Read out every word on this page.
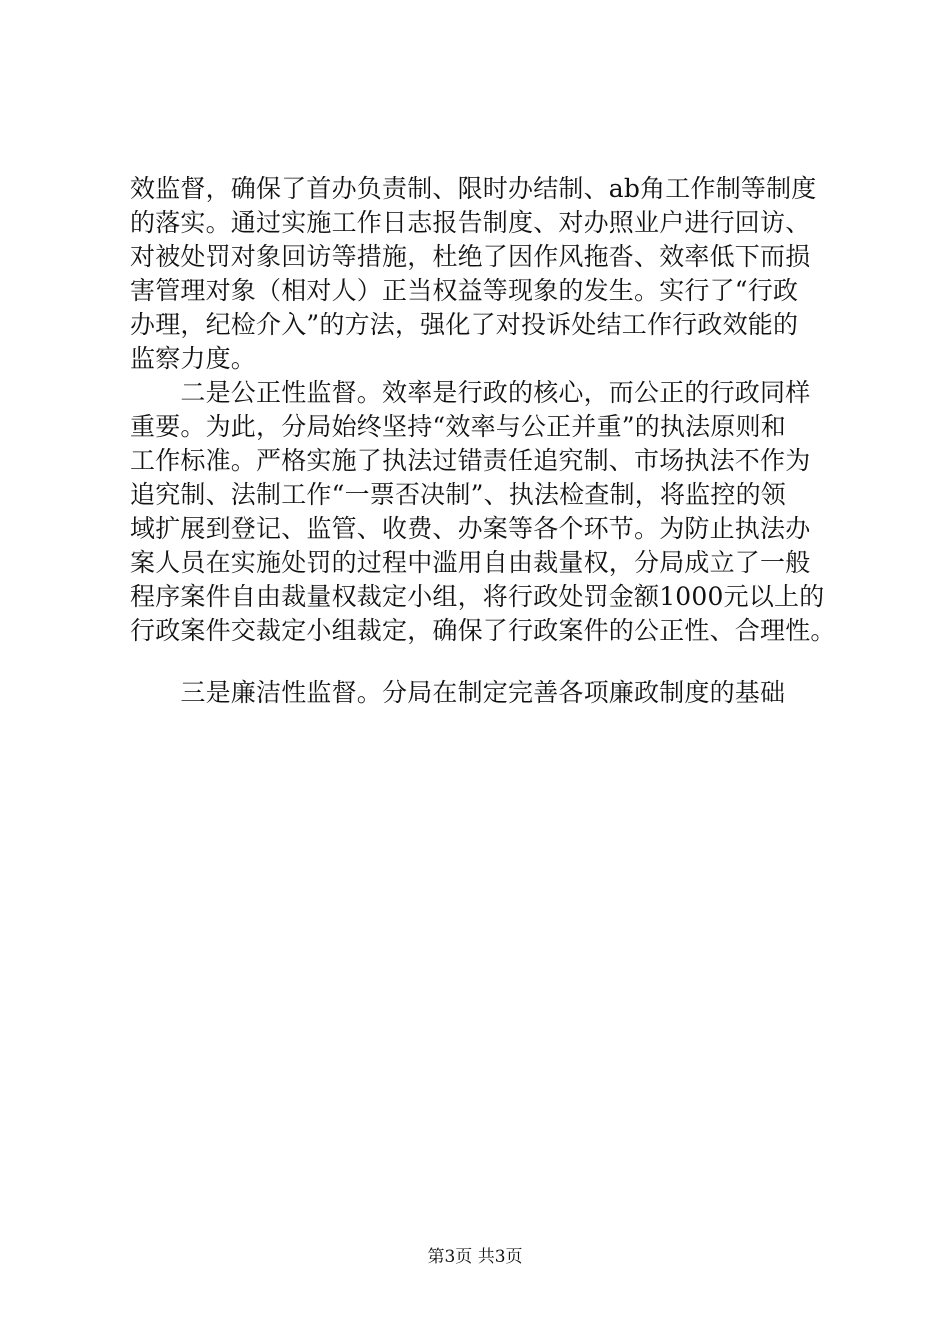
效监督，确保了首办负责制、限时办结制、ab角工作制等制度
的落实。通过实施工作日志报告制度、对办照业户进行回访、
对被处罚对象回访等措施，杜绝了因作风拖沓、效率低下而损
害管理对象（相对人）正当权益等现象的发生。实行了“行政
办理，纪检介入”的方法，强化了对投诉处结工作行政效能的
监察力度。
　　二是公正性监督。效率是行政的核心，而公正的行政同样
重要。为此，分局始终坚持“效率与公正并重”的执法原则和
工作标准。严格实施了执法过错责任追究制、市场执法不作为
追究制、法制工作“一票否决制”、执法检查制，将监控的领
域扩展到登记、监管、收费、办案等各个环节。为防止执法办
案人员在实施处罚的过程中滥用自由裁量权，分局成立了一般
程序案件自由裁量权裁定小组，将行政处罚金额1000元以上的
行政案件交裁定小组裁定，确保了行政案件的公正性、合理性。
　　三是廉洁性监督。分局在制定完善各项廉政制度的基础
第3页 共3页
